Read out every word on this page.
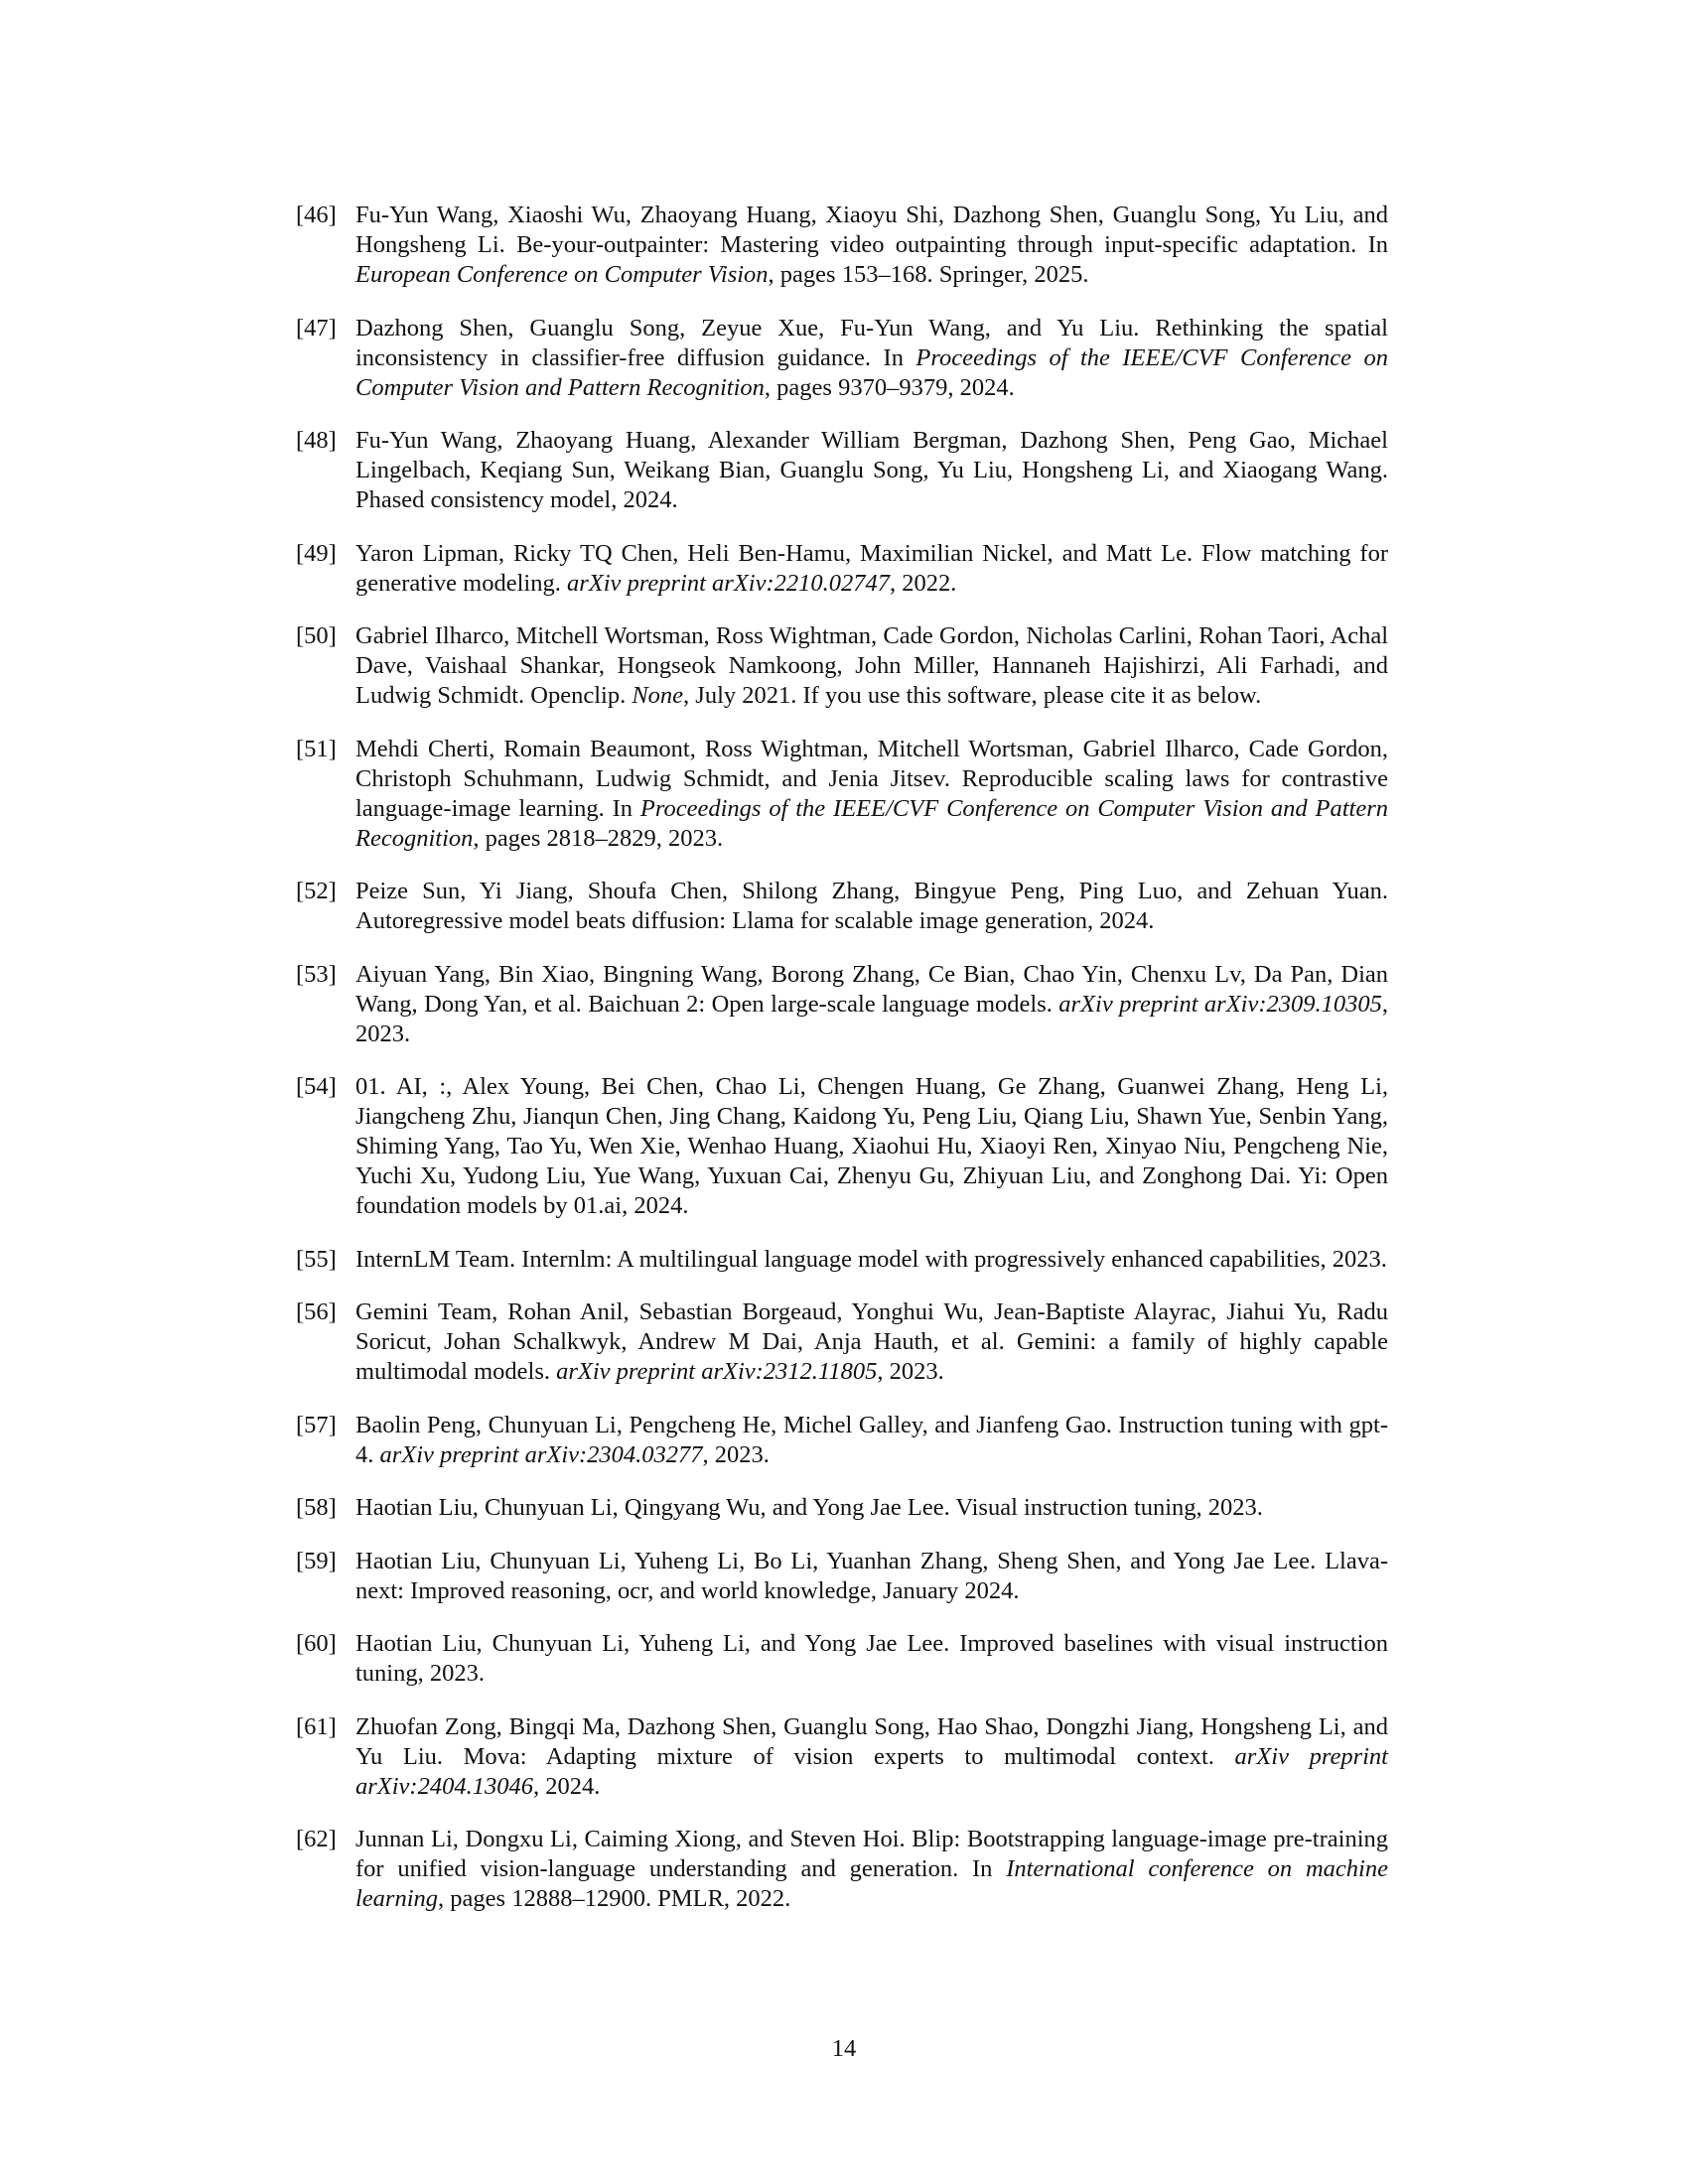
[46] Fu-Yun Wang, Xiaoshi Wu, Zhaoyang Huang, Xiaoyu Shi, Dazhong Shen, Guanglu Song, Yu Liu, and Hongsheng Li. Be-your-outpainter: Mastering video outpainting through input-specific adaptation. In European Conference on Computer Vision, pages 153–168. Springer, 2025.
[47] Dazhong Shen, Guanglu Song, Zeyue Xue, Fu-Yun Wang, and Yu Liu. Rethinking the spatial inconsistency in classifier-free diffusion guidance. In Proceedings of the IEEE/CVF Conference on Computer Vision and Pattern Recognition, pages 9370–9379, 2024.
[48] Fu-Yun Wang, Zhaoyang Huang, Alexander William Bergman, Dazhong Shen, Peng Gao, Michael Lingelbach, Keqiang Sun, Weikang Bian, Guanglu Song, Yu Liu, Hongsheng Li, and Xiaogang Wang. Phased consistency model, 2024.
[49] Yaron Lipman, Ricky TQ Chen, Heli Ben-Hamu, Maximilian Nickel, and Matt Le. Flow matching for generative modeling. arXiv preprint arXiv:2210.02747, 2022.
[50] Gabriel Ilharco, Mitchell Wortsman, Ross Wightman, Cade Gordon, Nicholas Carlini, Rohan Taori, Achal Dave, Vaishaal Shankar, Hongseok Namkoong, John Miller, Hannaneh Hajishirzi, Ali Farhadi, and Ludwig Schmidt. Openclip. None, July 2021. If you use this software, please cite it as below.
[51] Mehdi Cherti, Romain Beaumont, Ross Wightman, Mitchell Wortsman, Gabriel Ilharco, Cade Gordon, Christoph Schuhmann, Ludwig Schmidt, and Jenia Jitsev. Reproducible scaling laws for contrastive language-image learning. In Proceedings of the IEEE/CVF Conference on Computer Vision and Pattern Recognition, pages 2818–2829, 2023.
[52] Peize Sun, Yi Jiang, Shoufa Chen, Shilong Zhang, Bingyue Peng, Ping Luo, and Zehuan Yuan. Autoregressive model beats diffusion: Llama for scalable image generation, 2024.
[53] Aiyuan Yang, Bin Xiao, Bingning Wang, Borong Zhang, Ce Bian, Chao Yin, Chenxu Lv, Da Pan, Dian Wang, Dong Yan, et al. Baichuan 2: Open large-scale language models. arXiv preprint arXiv:2309.10305, 2023.
[54] 01. AI, :, Alex Young, Bei Chen, Chao Li, Chengen Huang, Ge Zhang, Guanwei Zhang, Heng Li, Jiangcheng Zhu, Jianqun Chen, Jing Chang, Kaidong Yu, Peng Liu, Qiang Liu, Shawn Yue, Senbin Yang, Shiming Yang, Tao Yu, Wen Xie, Wenhao Huang, Xiaohui Hu, Xiaoyi Ren, Xinyao Niu, Pengcheng Nie, Yuchi Xu, Yudong Liu, Yue Wang, Yuxuan Cai, Zhenyu Gu, Zhiyuan Liu, and Zonghong Dai. Yi: Open foundation models by 01.ai, 2024.
[55] InternLM Team. Internlm: A multilingual language model with progressively enhanced capabilities, 2023.
[56] Gemini Team, Rohan Anil, Sebastian Borgeaud, Yonghui Wu, Jean-Baptiste Alayrac, Jiahui Yu, Radu Soricut, Johan Schalkwyk, Andrew M Dai, Anja Hauth, et al. Gemini: a family of highly capable multimodal models. arXiv preprint arXiv:2312.11805, 2023.
[57] Baolin Peng, Chunyuan Li, Pengcheng He, Michel Galley, and Jianfeng Gao. Instruction tuning with gpt-4. arXiv preprint arXiv:2304.03277, 2023.
[58] Haotian Liu, Chunyuan Li, Qingyang Wu, and Yong Jae Lee. Visual instruction tuning, 2023.
[59] Haotian Liu, Chunyuan Li, Yuheng Li, Bo Li, Yuanhan Zhang, Sheng Shen, and Yong Jae Lee. Llava-next: Improved reasoning, ocr, and world knowledge, January 2024.
[60] Haotian Liu, Chunyuan Li, Yuheng Li, and Yong Jae Lee. Improved baselines with visual instruction tuning, 2023.
[61] Zhuofan Zong, Bingqi Ma, Dazhong Shen, Guanglu Song, Hao Shao, Dongzhi Jiang, Hongsheng Li, and Yu Liu. Mova: Adapting mixture of vision experts to multimodal context. arXiv preprint arXiv:2404.13046, 2024.
[62] Junnan Li, Dongxu Li, Caiming Xiong, and Steven Hoi. Blip: Bootstrapping language-image pre-training for unified vision-language understanding and generation. In International conference on machine learning, pages 12888–12900. PMLR, 2022.
14
